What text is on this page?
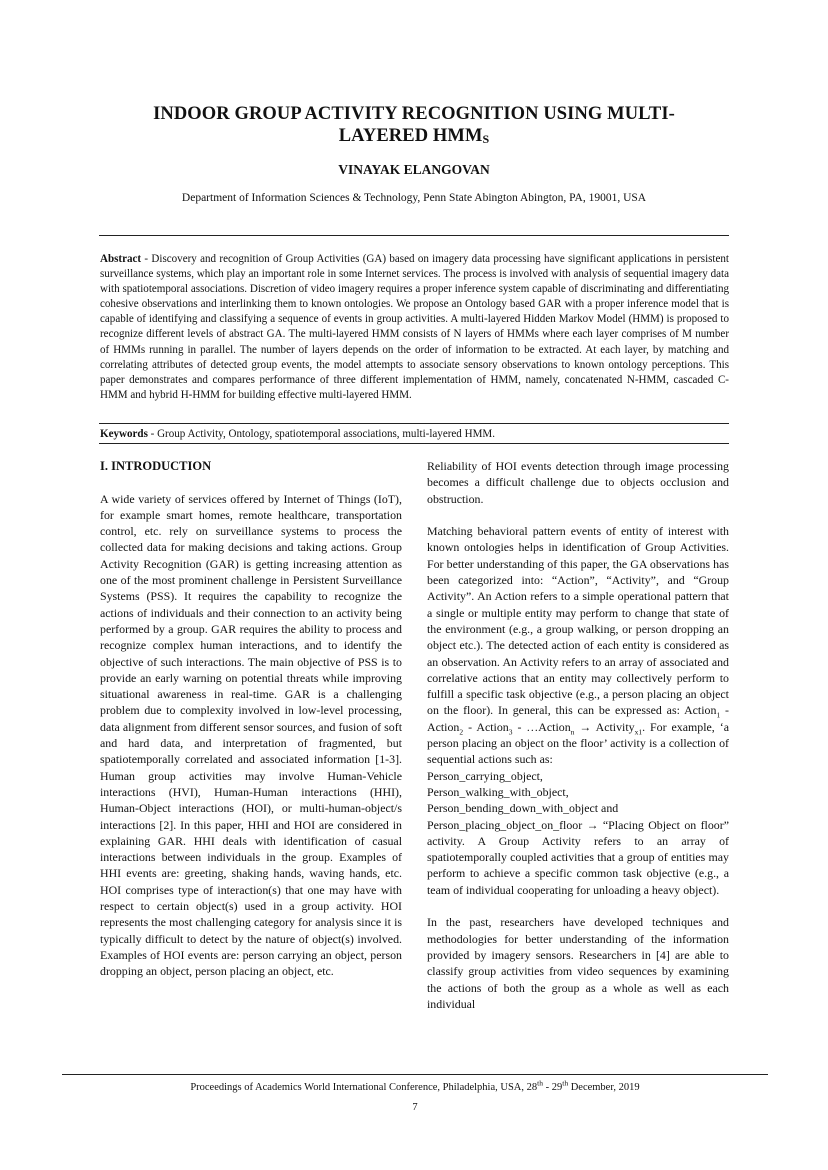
INDOOR GROUP ACTIVITY RECOGNITION USING MULTI-
LAYERED HMMS
VINAYAK ELANGOVAN
Department of Information Sciences & Technology, Penn State Abington Abington, PA, 19001, USA
Abstract - Discovery and recognition of Group Activities (GA) based on imagery data processing have significant applications in persistent surveillance systems, which play an important role in some Internet services. The process is involved with analysis of sequential imagery data with spatiotemporal associations. Discretion of video imagery requires a proper inference system capable of discriminating and differentiating cohesive observations and interlinking them to known ontologies. We propose an Ontology based GAR with a proper inference model that is capable of identifying and classifying a sequence of events in group activities. A multi-layered Hidden Markov Model (HMM) is proposed to recognize different levels of abstract GA. The multi-layered HMM consists of N layers of HMMs where each layer comprises of M number of HMMs running in parallel. The number of layers depends on the order of information to be extracted. At each layer, by matching and correlating attributes of detected group events, the model attempts to associate sensory observations to known ontology perceptions. This paper demonstrates and compares performance of three different implementation of HMM, namely, concatenated N-HMM, cascaded C-HMM and hybrid H-HMM for building effective multi-layered HMM.
Keywords - Group Activity, Ontology, spatiotemporal associations, multi-layered HMM.
I. INTRODUCTION

A wide variety of services offered by Internet of Things (IoT), for example smart homes, remote healthcare, transportation control, etc. rely on surveillance systems to process the collected data for making decisions and taking actions. Group Activity Recognition (GAR) is getting increasing attention as one of the most prominent challenge in Persistent Surveillance Systems (PSS). It requires the capability to recognize the actions of individuals and their connection to an activity being performed by a group. GAR requires the ability to process and recognize complex human interactions, and to identify the objective of such interactions. The main objective of PSS is to provide an early warning on potential threats while improving situational awareness in real-time. GAR is a challenging problem due to complexity involved in low-level processing, data alignment from different sensor sources, and fusion of soft and hard data, and interpretation of fragmented, but spatiotemporally correlated and associated information [1-3]. Human group activities may involve Human-Vehicle interactions (HVI), Human-Human interactions (HHI), Human-Object interactions (HOI), or multi-human-object/s interactions [2]. In this paper, HHI and HOI are considered in explaining GAR. HHI deals with identification of casual interactions between individuals in the group. Examples of HHI events are: greeting, shaking hands, waving hands, etc. HOI comprises type of interaction(s) that one may have with respect to certain object(s) used in a group activity. HOI represents the most challenging category for analysis since it is typically difficult to detect by the nature of object(s) involved. Examples of HOI events are: person carrying an object, person dropping an object, person placing an object, etc.

Reliability of HOI events detection through image processing becomes a difficult challenge due to objects occlusion and obstruction.

Matching behavioral pattern events of entity of interest with known ontologies helps in identification of Group Activities. For better understanding of this paper, the GA observations has been categorized into: “Action”, “Activity”, and “Group Activity”. An Action refers to a simple operational pattern that a single or multiple entity may perform to change that state of the environment (e.g., a group walking, or person dropping an object etc.). The detected action of each entity is considered as an observation. An Activity refers to an array of associated and correlative actions that an entity may collectively perform to fulfill a specific task objective (e.g., a person placing an object on the floor). In general, this can be expressed as: Action$_1$ - Action$_2$ - Action$_3$ - …Action$_n$ → Activity$_{x1}$. For example, ‘a person placing an object on the floor’ activity is a collection of sequential actions such as:
Person_carrying_object,
Person_walking_with_object,
Person_bending_down_with_object and
Person_placing_object_on_floor → “Placing Object on floor” activity. A Group Activity refers to an array of spatiotemporally coupled activities that a group of entities may perform to achieve a specific common task objective (e.g., a team of individual cooperating for unloading a heavy object).

In the past, researchers have developed techniques and methodologies for better understanding of the information provided by imagery sensors. Researchers in [4] are able to classify group activities from video sequences by examining the actions of both the group as a whole as well as each individual

Proceedings of Academics World International Conference, Philadelphia, USA, 28th - 29th December, 2019
7
